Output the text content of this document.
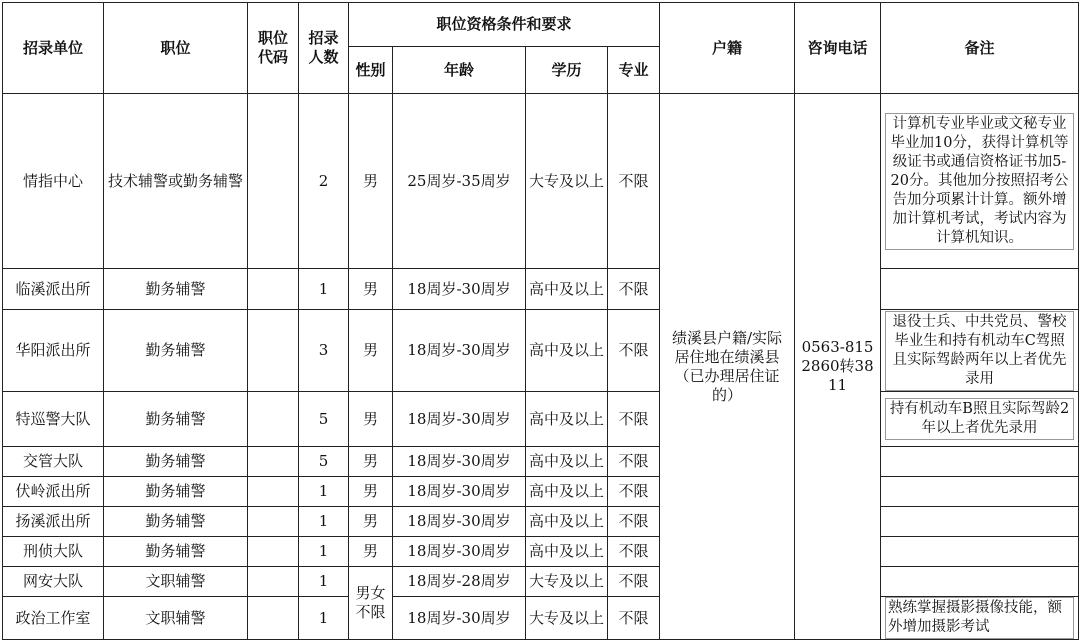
招录单位	职位	职位代码	招录人数	职位资格条件和要求				户籍	咨询电话	备注
				性别	年龄	学历	专业			
情指中心	技术辅警或勤务辅警		2	男	25周岁-35周岁	大专及以上	不限	绩溪县户籍/实际居住地在绩溪县（已办理居住证的）	0563-8152860转3811	计算机专业毕业或文秘专业毕业加10分，获得计算机等级证书或通信资格证书加5-20分。其他加分按照招考公告加分项累计计算。额外增加计算机考试，考试内容为计算机知识。

临溪派出所	勤务辅警		1	男	18周岁-30周岁	高中及以上	不限			
华阳派出所	勤务辅警		3	男	18周岁-30周岁	高中及以上	不限			退役士兵、中共党员、警校毕业生和持有机动车C驾照且实际驾龄两年以上者优先录用

特巡警大队	勤务辅警		5	男	18周岁-30周岁	高中及以上	不限			持有机动车B照且实际驾龄2年以上者优先录用

交管大队	勤务辅警		5	男	18周岁-30周岁	高中及以上	不限			
伏岭派出所	勤务辅警		1	男	18周岁-30周岁	高中及以上	不限			
扬溪派出所	勤务辅警		1	男	18周岁-30周岁	高中及以上	不限			
刑侦大队	勤务辅警		1	男	18周岁-30周岁	高中及以上	不限			
网安大队	文职辅警		1	男女不限	18周岁-28周岁	大专及以上	不限			
政治工作室	文职辅警		1		18周岁-30周岁	大专及以上	不限			熟练掌握摄影摄像技能，额外增加摄影考试
